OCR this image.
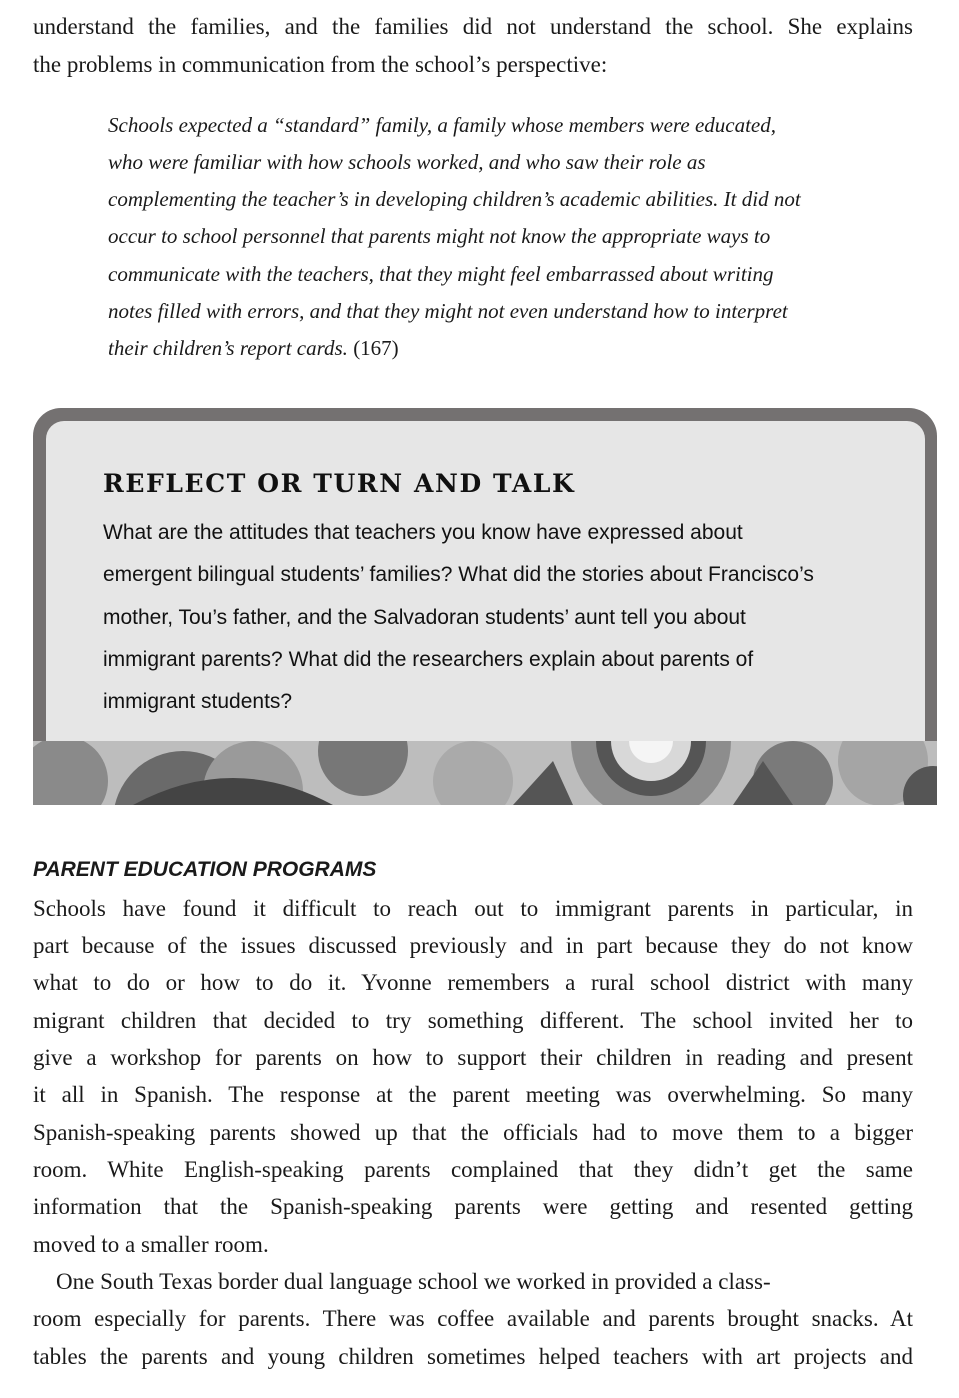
understand the families, and the families did not understand the school. She explains
the problems in communication from the school’s perspective:
Schools expected a “standard” family, a family whose members were educated,
who were familiar with how schools worked, and who saw their role as
complementing the teacher’s in developing children’s academic abilities. It did not
occur to school personnel that parents might not know the appropriate ways to
communicate with the teachers, that they might feel embarrassed about writing
notes filled with errors, and that they might not even understand how to interpret
their children’s report cards. (167)
REFLECT OR TURN AND TALK
What are the attitudes that teachers you know have expressed about
emergent bilingual students’ families? What did the stories about Francisco’s
mother, Tou’s father, and the Salvadoran students’ aunt tell you about
immigrant parents? What did the researchers explain about parents of
immigrant students?
PARENT EDUCATION PROGRAMS
Schools have found it difficult to reach out to immigrant parents in particular, in
part because of the issues discussed previously and in part because they do not know
what to do or how to do it. Yvonne remembers a rural school district with many
migrant children that decided to try something different. The school invited her to
give a workshop for parents on how to support their children in reading and present
it all in Spanish. The response at the parent meeting was overwhelming. So many
Spanish-speaking parents showed up that the officials had to move them to a bigger
room. White English-speaking parents complained that they didn’t get the same
information that the Spanish-speaking parents were getting and resented getting
moved to a smaller room.
One South Texas border dual language school we worked in provided a class-
room especially for parents. There was coffee available and parents brought snacks. At
tables the parents and young children sometimes helped teachers with art projects and
